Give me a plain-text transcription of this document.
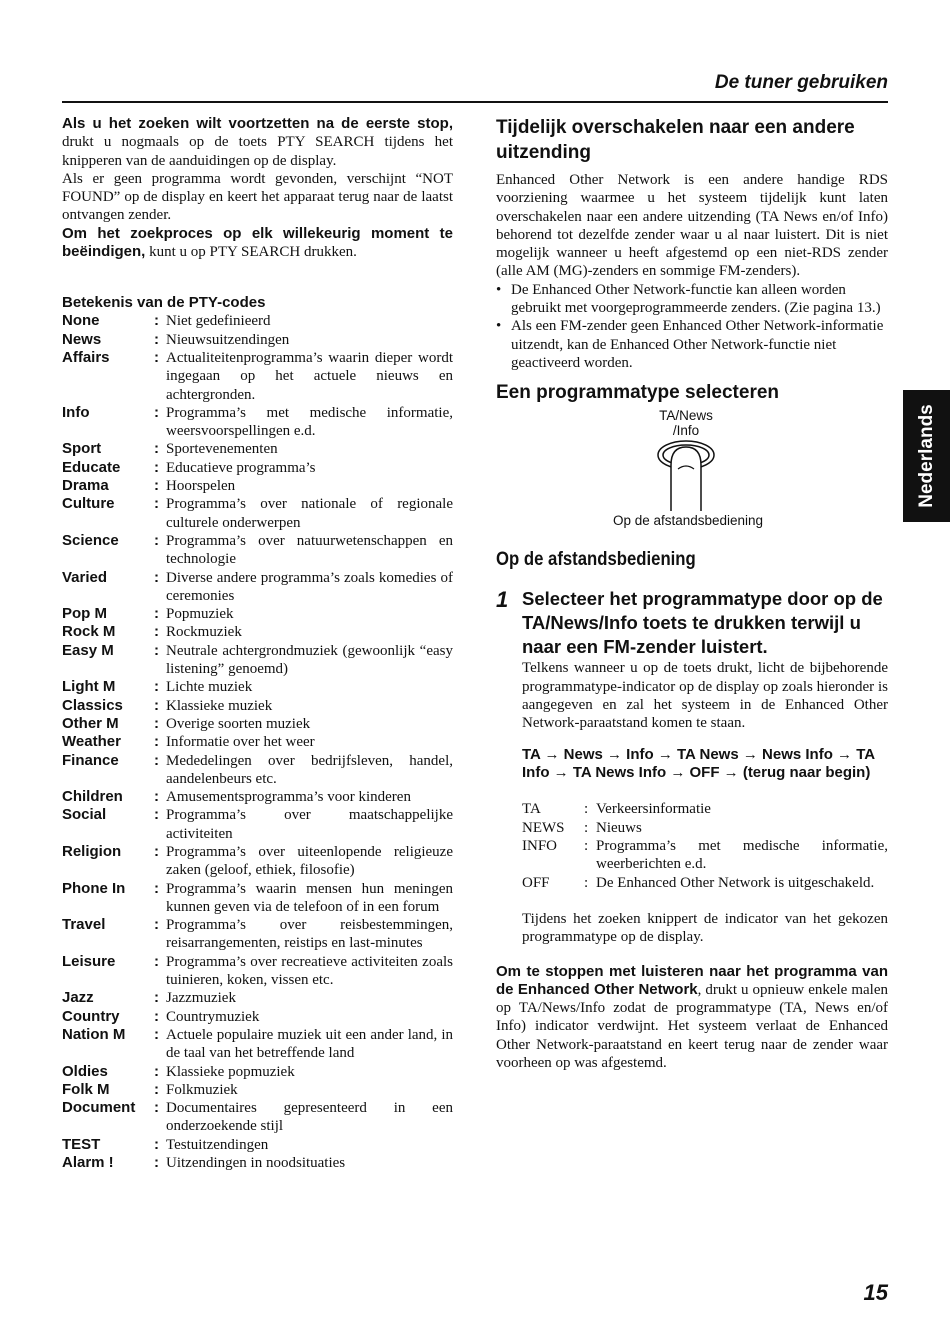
De tuner gebruiken

Als u het zoeken wilt voortzetten na de eerste stop, drukt u nogmaals op de toets PTY SEARCH tijdens het knipperen van de aanduidingen op de display.

Als er geen programma wordt gevonden, verschijnt “NOT FOUND” op de display en keert het apparaat terug naar de laatst ontvangen zender.

Om het zoekproces op elk willekeurig moment te beëindigen, kunt u op PTY SEARCH drukken.

Betekenis van de PTY-codes
None	: Niet gedefinieerd
News	: Nieuwsuitzendingen
Affairs	: Actualiteitenprogramma’s waarin dieper wordt ingegaan op het actuele nieuws en achtergronden.
Info	: Programma’s met medische informatie, weersvoorspellingen e.d.
Sport	: Sportevenementen
Educate	: Educatieve programma’s
Drama	: Hoorspelen
Culture	: Programma’s over nationale of regionale culturele onderwerpen
Science	: Programma’s over natuurwetenschappen en technologie
Varied	: Diverse andere programma’s zoals komedies of ceremonies
Pop M	: Popmuziek
Rock M	: Rockmuziek
Easy M	: Neutrale achtergrondmuziek (gewoonlijk “easy listening” genoemd)
Light M	: Lichte muziek
Classics	: Klassieke muziek
Other M	: Overige soorten muziek
Weather	: Informatie over het weer
Finance	: Mededelingen over bedrijfsleven, handel, aandelenbeurs etc.
Children	: Amusementsprogramma’s voor kinderen
Social	: Programma’s over maatschappelijke activiteiten
Religion	: Programma’s over uiteenlopende religieuze zaken (geloof, ethiek, filosofie)
Phone In	: Programma’s waarin mensen hun meningen kunnen geven via de telefoon of in een forum
Travel	: Programma’s over reisbestemmingen, reisarrangementen, reistips en last-minutes
Leisure	: Programma’s over recreatieve activiteiten zoals tuinieren, koken, vissen etc.
Jazz	: Jazzmuziek
Country	: Countrymuziek
Nation M	: Actuele populaire muziek uit een ander land, in de taal van het betreffende land
Oldies	: Klassieke popmuziek
Folk M	: Folkmuziek
Document	: Documentaires gepresenteerd in een onderzoekende stijl
TEST	: Testuitzendingen
Alarm !	: Uitzendingen in noodsituaties
Tijdelijk overschakelen naar een andere uitzending

Enhanced Other Network is een andere handige RDS voorziening waarmee u het systeem tijdelijk kunt laten overschakelen naar een andere uitzending (TA News en/of Info) behorend tot dezelfde zender waar u al naar luistert. Dit is niet mogelijk wanneer u heeft afgestemd op een niet-RDS zender (alle AM (MG)-zenders en sommige FM-zenders).

• De Enhanced Other Network-functie kan alleen worden gebruikt met voorgeprogrammeerde zenders. (Zie pagina 13.)
• Als een FM-zender geen Enhanced Other Network-informatie uitzendt, kan de Enhanced Other Network-functie niet geactiveerd worden.
Een programmatype selecteren
TA/News
/Info
Op de afstandsbediening
Op de afstandsbediening
1 Selecteer het programmatype door op de TA/News/Info toets te drukken terwijl u naar een FM-zender luistert.

Telkens wanneer u op de toets drukt, licht de bijbehorende programmatype-indicator op de display op zoals hieronder is aangegeven en zal het systeem in de Enhanced Other Network-paraatstand komen te staan.

TA → News → Info → TA News → News Info → TA Info → TA News Info → OFF → (terug naar begin)
TA	: Verkeersinformatie
NEWS	: Nieuws
INFO	: Programma’s met medische informatie, weerberichten e.d.
OFF	: De Enhanced Other Network is uitgeschakeld.

Tijdens het zoeken knippert de indicator van het gekozen programmatype op de display.

Om te stoppen met luisteren naar het programma van de Enhanced Other Network, drukt u opnieuw enkele malen op TA/News/Info zodat de programmatype (TA, News en/of Info) indicator verdwijnt. Het systeem verlaat de Enhanced Other Network-paraatstand en keert terug naar de zender waar voorheen op was afgestemd.

Nederlands
15
